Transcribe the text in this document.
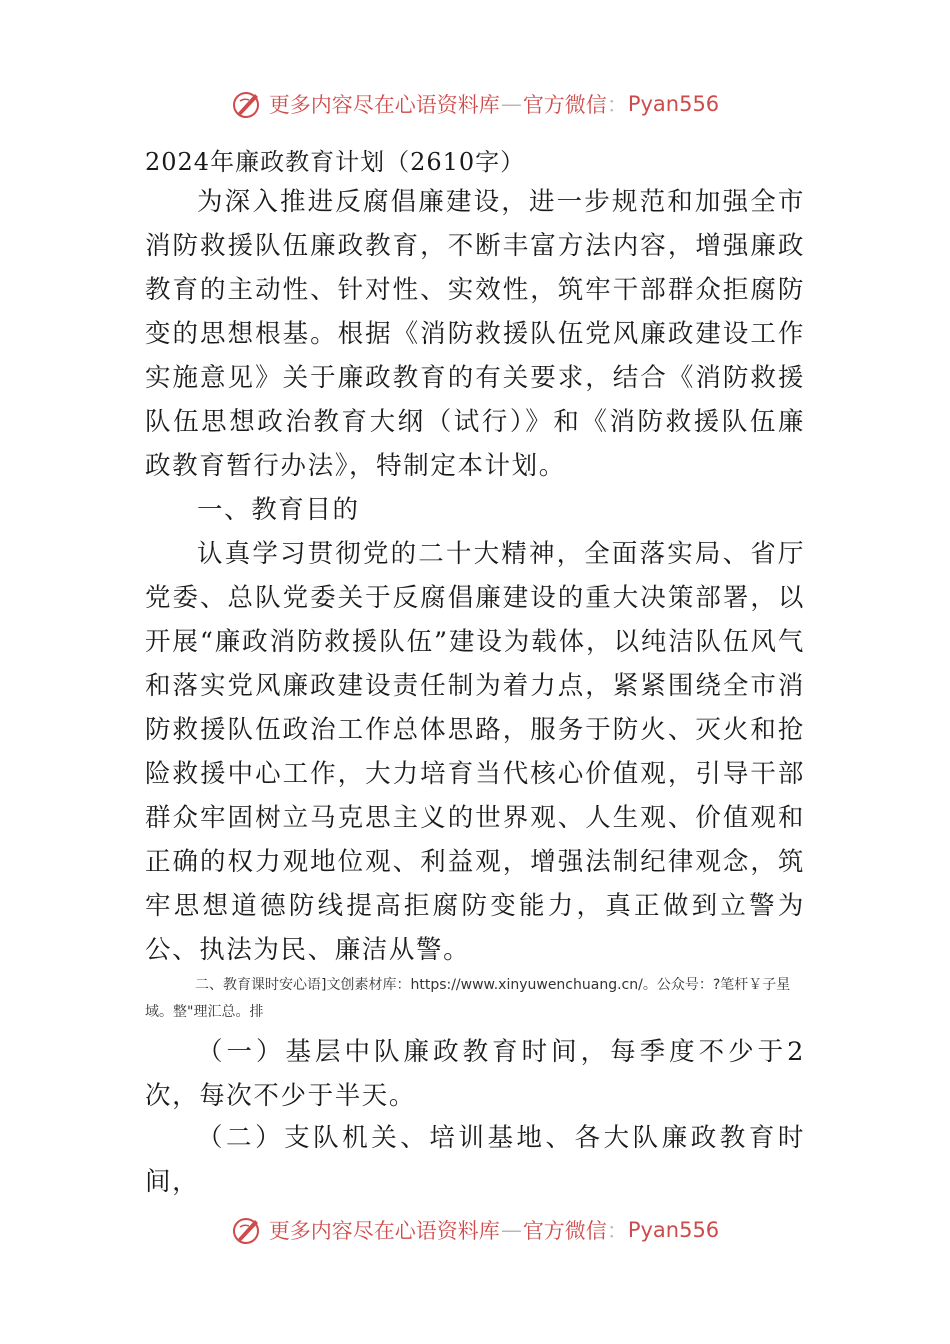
更多内容尽在心语资料库 — 官方微信 ： Pyan556
2024年廉政教育计划（2610字）

为深入推进反腐倡廉建设，进一步规范和加强全市消防救援队伍廉政教育，不断丰富方法内容，增强廉政教育的主动性、针对性、实效性，筑牢干部群众拒腐防变的思想根基。根据《消防救援队伍党风廉政建设工作实施意见》关于廉政教育的有关要求，结合《消防救援队伍思想政治教育大纲（试行）》和《消防救援队伍廉政教育暂行办法》，特制定本计划。

一、教育目的

认真学习贯彻党的二十大精神，全面落实局、省厅党委、总队党委关于反腐倡廉建设的重大决策部署，以开展“廉政消防救援队伍”建设为载体，以纯洁队伍风气和落实党风廉政建设责任制为着力点，紧紧围绕全市消防救援队伍政治工作总体思路，服务于防火、灭火和抢险救援中心工作，大力培育当代核心价值观，引导干部群众牢固树立马克思主义的世界观、人生观、价值观和正确的权力观地位观、利益观，增强法制纪律观念，筑牢思想道德防线提高拒腐防变能力，真正做到立警为公、执法为民、廉洁从警。

二、教育课时安心语]文创素材库：https://www.xinyuwenchuang.cn/。公众号：?笔杆￥子星域。整"理汇总。排

（一）基层中队廉政教育时间，每季度不少于2次，每次不少于半天。

（二）支队机关、培训基地、各大队廉政教育时间，

更多内容尽在心语资料库 — 官方微信 ： Pyan556
